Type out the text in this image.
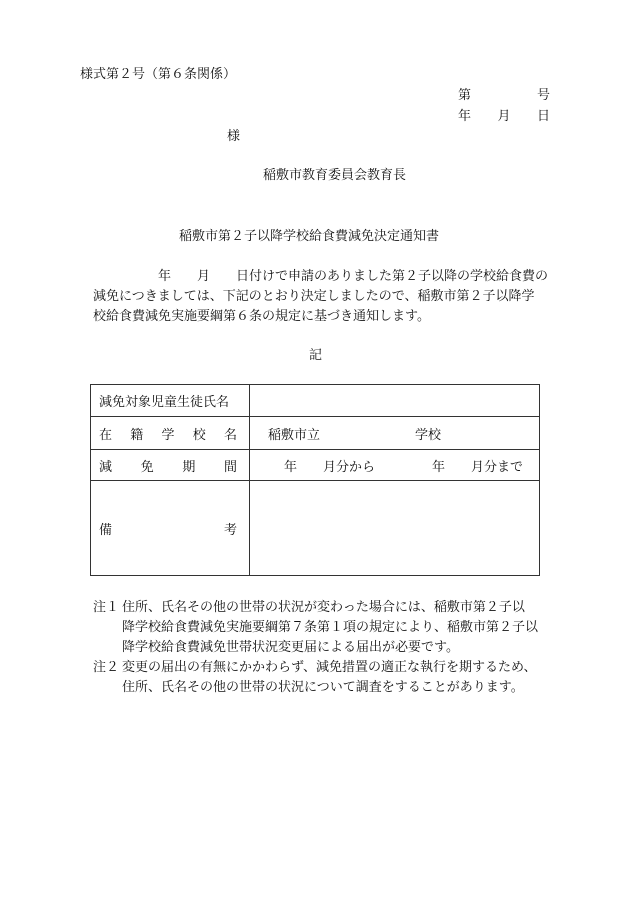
様式第２号（第６条関係）
第	号
年 月 日
様
稲敷市教育委員会教育長
稲敷市第２子以降学校給食費減免決定通知書
　　　　　年　　月　　日付けで申請のありました第２子以降の学校給食費の
減免につきましては、下記のとおり決定しましたので、稲敷市第２子以降学
校給食費減免実施要綱第６条の規定に基づき通知します。
記
減免対象児童生徒氏名	

在 籍 学 校 名	稲敷市立 学校

減 免 期 間	年　　月分から 年　　月分まで

備 考	

注１ 住所、氏名その他の世帯の状況が変わった場合には、稲敷市第２子以
降学校給食費減免実施要綱第７条第１項の規定により、稲敷市第２子以
降学校給食費減免世帯状況変更届による届出が必要です。
注２ 変更の届出の有無にかかわらず、減免措置の適正な執行を期するため、
住所、氏名その他の世帯の状況について調査をすることがあります。
